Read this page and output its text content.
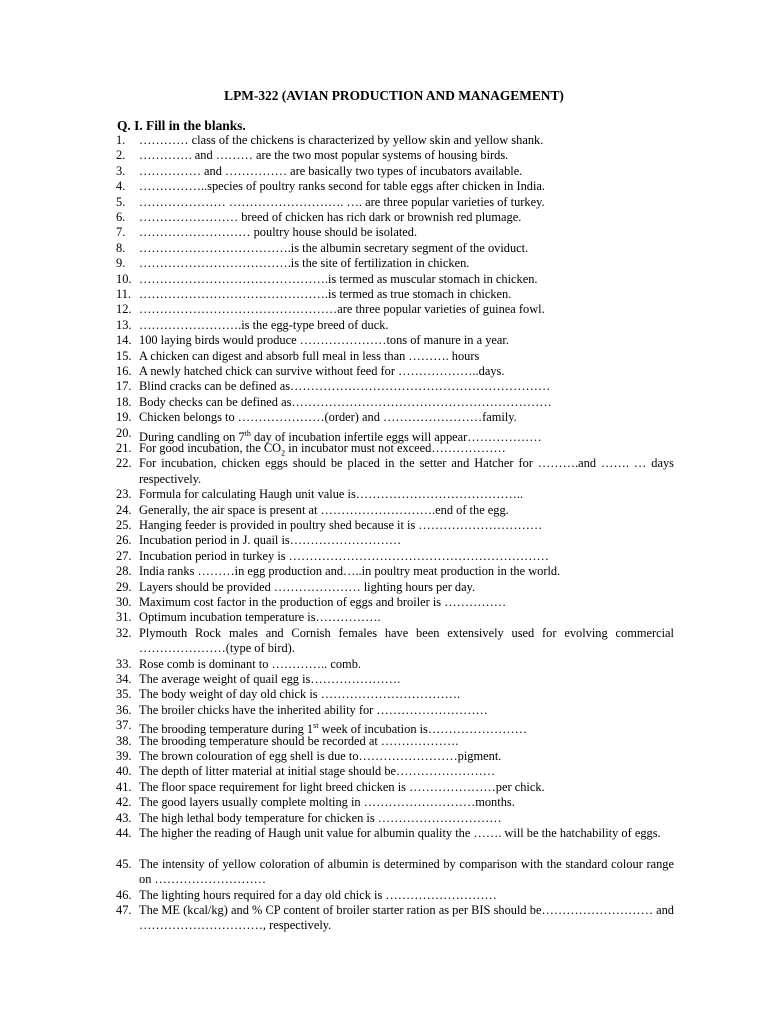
LPM-322 (AVIAN PRODUCTION AND MANAGEMENT)
Q. I. Fill in the blanks.
1. ………… class of the chickens is characterized by yellow skin and yellow shank.
2. …………. and ……… are the two most popular systems of housing birds.
3. …………… and …………… are basically two types of incubators available.
4. ……………..species of poultry ranks second for table eggs after chicken in India.
5. ………………… ………………………. …. are three popular varieties of turkey.
6. …………………… breed of chicken has rich dark or brownish red plumage.
7. ……………………… poultry house should be isolated.
8. ……………………………….is the albumin secretary segment of the oviduct.
9. ……………………………….is the site of fertilization in chicken.
10. ……………………………………….is termed as muscular stomach in chicken.
11. ……………………………………….is termed as true stomach in chicken.
12. …………………………………………are three popular varieties of guinea fowl.
13. …………………….is the egg-type breed of duck.
14. 100 laying birds would produce …………………tons of manure in a year.
15. A chicken can digest and absorb full meal in less than ………. hours
16. A newly hatched chick can survive without feed for ………………..days.
17. Blind cracks can be defined as………………………………………………………
18. Body checks can be defined as………………………………………………………
19. Chicken belongs to …………………(order) and ……………………family.
20. During candling on 7th day of incubation infertile eggs will appear………………
21. For good incubation, the $CO_2$ in incubator must not exceed………………
22. For incubation, chicken eggs should be placed in the setter and Hatcher for ……….and ……. … days respectively.
23. Formula for calculating Haugh unit value is…………………………………..
24. Generally, the air space is present at ……………………….end of the egg.
25. Hanging feeder is provided in poultry shed because it is …………………………
26. Incubation period in J. quail is………………………
27. Incubation period in turkey is ………………………………………………………
28. India ranks ………in egg production and…..in poultry meat production in the world.
29. Layers should be provided ………………… lighting hours per day.
30. Maximum cost factor in the production of eggs and broiler is ……………
31. Optimum incubation temperature is…………….
32. Plymouth Rock males and Cornish females have been extensively used for evolving commercial …………………(type of bird).
33. Rose comb is dominant to ………….. comb.
34. The average weight of quail egg is………………….
35. The body weight of day old chick is …………………………….
36. The broiler chicks have the inherited ability for ………………………
37. The brooding temperature during 1st week of incubation is……………………
38. The brooding temperature should be recorded at ……………….
39. The brown colouration of egg shell is due to……………………pigment.
40. The depth of litter material at initial stage should be……………………
41. The floor space requirement for light breed chicken is …………………per chick.
42. The good layers usually complete molting in ………………………months.
43. The high lethal body temperature for chicken is …………………………
44. The higher the reading of Haugh unit value for albumin quality the ……. will be the hatchability of eggs.
45. The intensity of yellow coloration of albumin is determined by comparison with the standard colour range on ………………………
46. The lighting hours required for a day old chick is ………………………
47. The ME (kcal/kg) and % CP content of broiler starter ration as per BIS should be……………………… and …………………………, respectively.
